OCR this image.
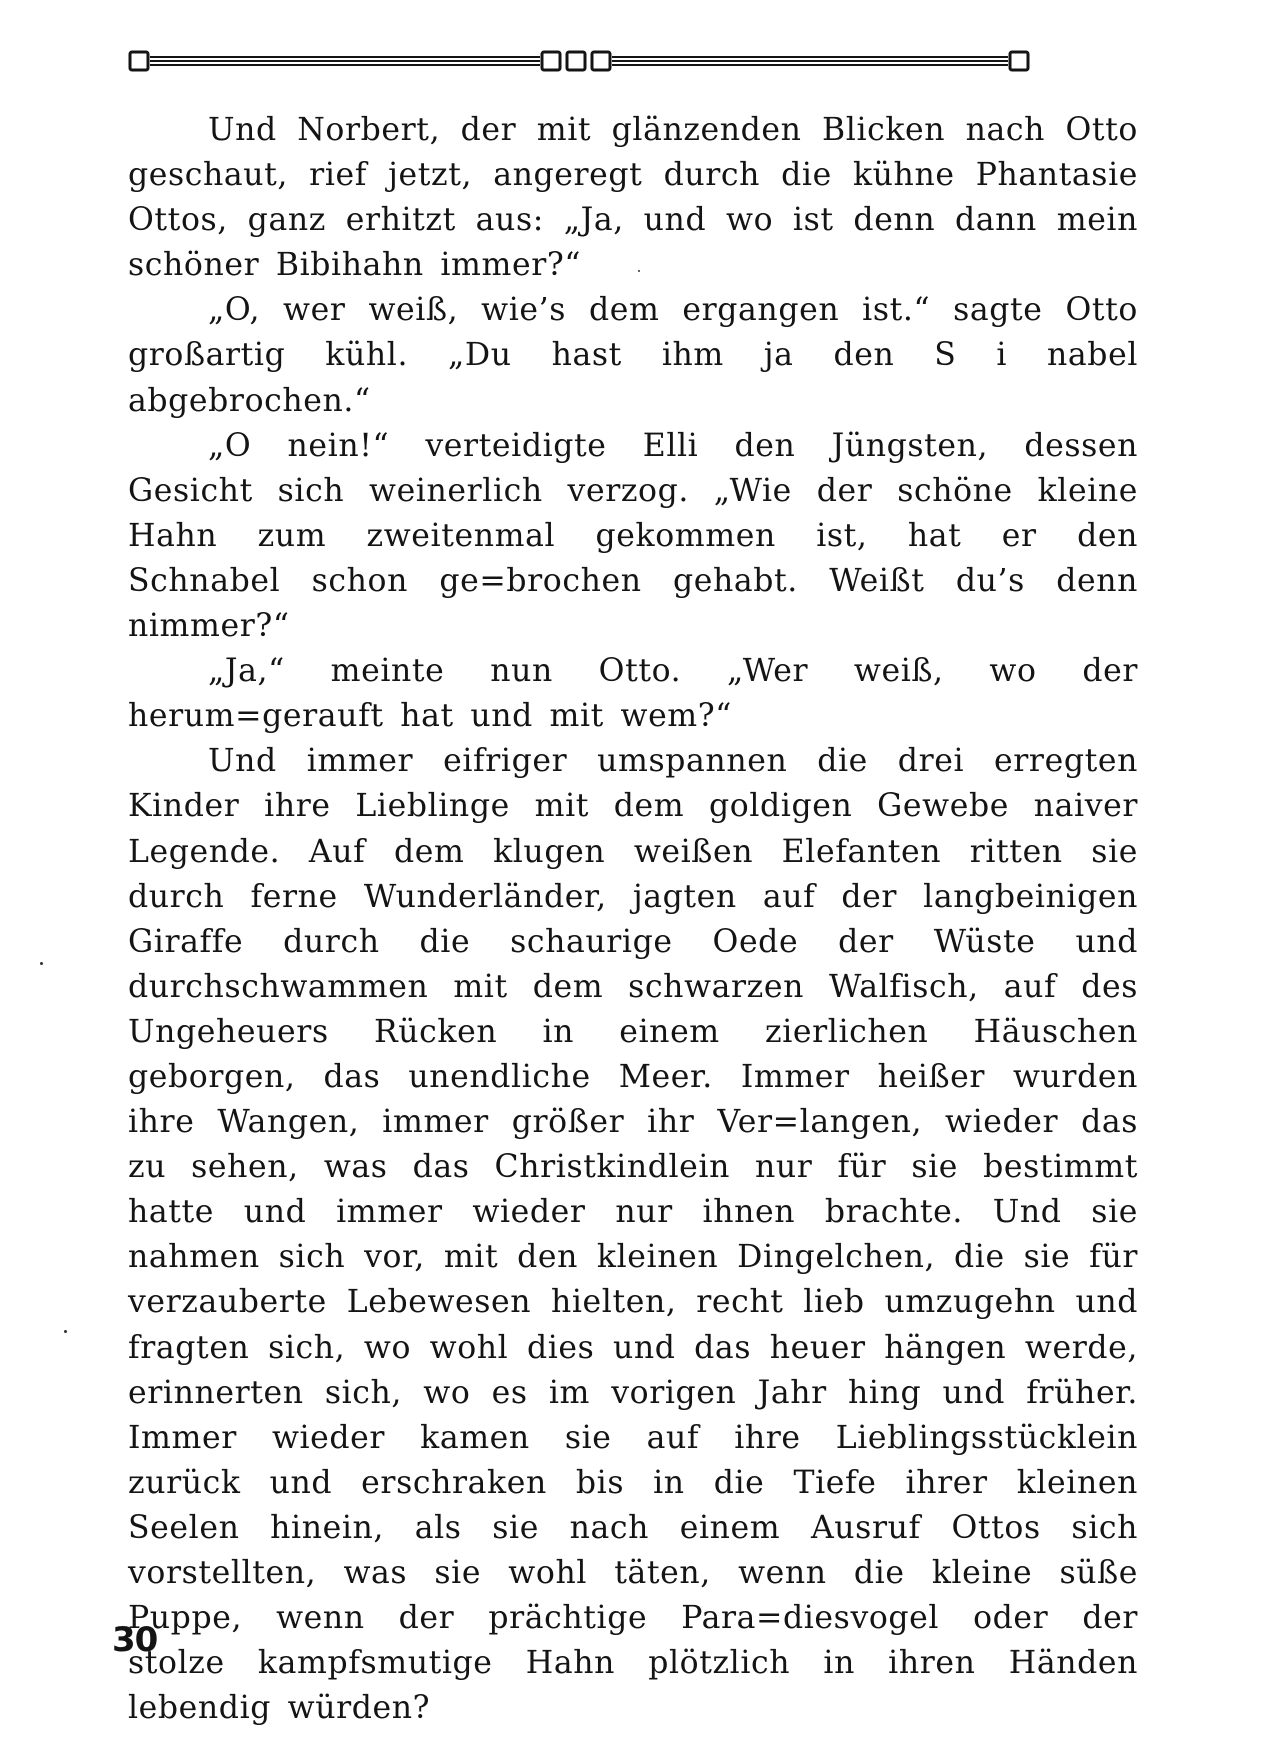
Und Norbert, der mit glänzenden Blicken nach Otto geschaut, rief jetzt, angeregt durch die kühne Phantasie Ottos, ganz erhitzt aus: „Ja, und wo ist denn dann mein schöner Bibihahn immer?“

„O, wer weiß, wie’s dem ergangen ist.“ sagte Otto großartig kühl. „Du hast ihm ja den S i nabel abgebrochen.“

„O nein!“ verteidigte Elli den Jüngsten, dessen Gesicht sich weinerlich verzog. „Wie der schöne kleine Hahn zum zweitenmal gekommen ist, hat er den Schnabel schon ge=brochen gehabt. Weißt du’s denn nimmer?“

„Ja,“ meinte nun Otto. „Wer weiß, wo der herum=gerauft hat und mit wem?“

Und immer eifriger umspannen die drei erregten Kinder ihre Lieblinge mit dem goldigen Gewebe naiver Legende. Auf dem klugen weißen Elefanten ritten sie durch ferne Wunderländer, jagten auf der langbeinigen Giraffe durch die schaurige Oede der Wüste und durchschwammen mit dem schwarzen Walfisch, auf des Ungeheuers Rücken in einem zierlichen Häuschen geborgen, das unendliche Meer. Immer heißer wurden ihre Wangen, immer größer ihr Ver=langen, wieder das zu sehen, was das Christkindlein nur für sie bestimmt hatte und immer wieder nur ihnen brachte. Und sie nahmen sich vor, mit den kleinen Dingelchen, die sie für verzauberte Lebewesen hielten, recht lieb umzugehn und fragten sich, wo wohl dies und das heuer hängen werde, erinnerten sich, wo es im vorigen Jahr hing und früher. Immer wieder kamen sie auf ihre Lieblingsstücklein zurück und erschraken bis in die Tiefe ihrer kleinen Seelen hinein, als sie nach einem Ausruf Ottos sich vorstellten, was sie wohl täten, wenn die kleine süße Puppe, wenn der prächtige Para=diesvogel oder der stolze kampfsmutige Hahn plötzlich in ihren Händen lebendig würden?

30
